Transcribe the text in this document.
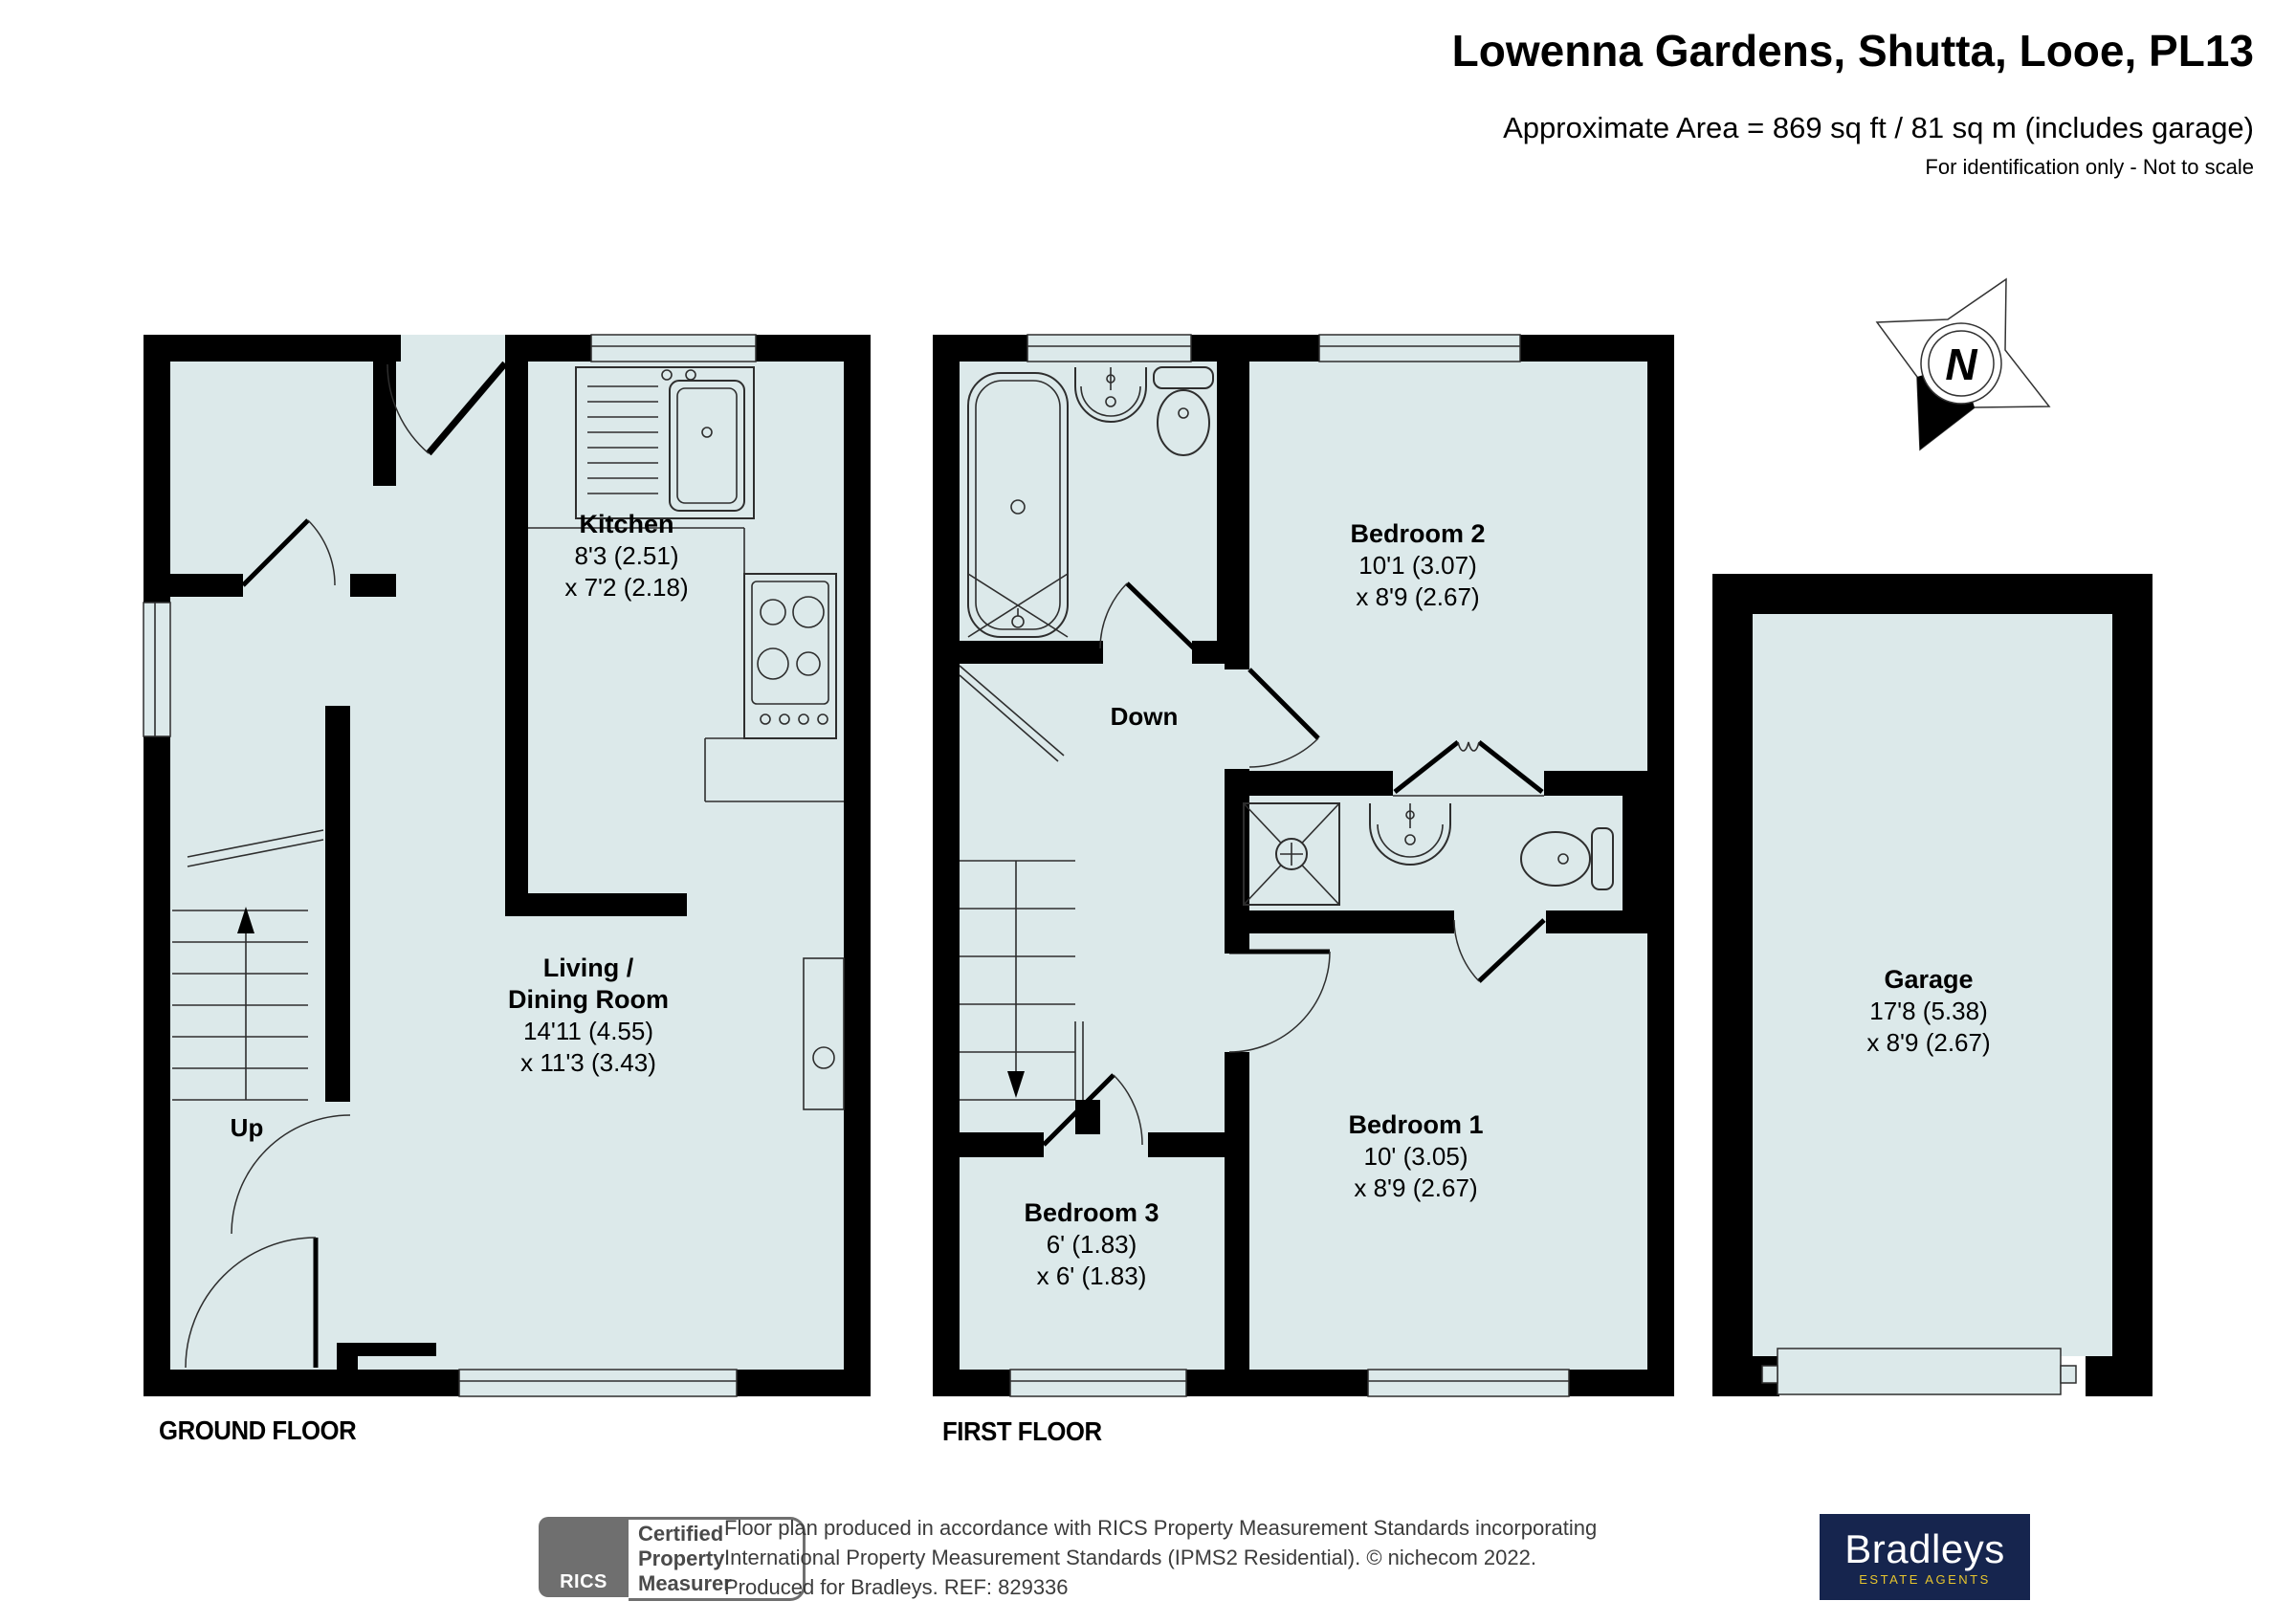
N
Lowenna Gardens, Shutta, Looe, PL13
Approximate Area = 869 sq ft / 81 sq m (includes garage)
For identification only - Not to scale
Kitchen
8'3 (2.51)
x 7'2 (2.18)
Living /
Dining Room
14'11 (4.55)
x 11'3 (3.43)
Bedroom 2
10'1 (3.07)
x 8'9 (2.67)
Bedroom 1
10' (3.05)
x 8'9 (2.67)
Bedroom 3
6' (1.83)
x 6' (1.83)
Garage
17'8 (5.38)
x 8'9 (2.67)
Up
Down
GROUND FLOOR	FIRST FLOOR
RICS
Certified
Property
Measurer
Floor plan produced in accordance with RICS Property Measurement Standards incorporating
International Property Measurement Standards (IPMS2 Residential). © nichecom 2022.
Produced for Bradleys. REF: 829336
Bradleys
ESTATE AGENTS
